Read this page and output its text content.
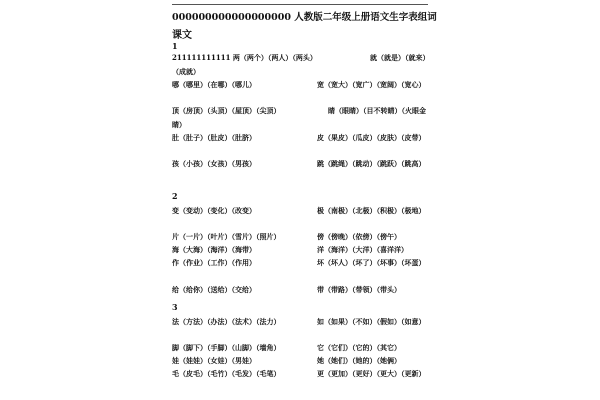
000000000000000000 人教版二年级上册语文生字表组词
课文
1
2
3
211111111111 两（两个）（两人）（两头）	就（就是）（就来）
（成就）
哪（哪里）（在哪）（哪儿）	宽（宽大）（宽广）（宽阔）（宽心）
顶（房顶）（头顶）（屋顶）（尖顶）	睛（眼睛）（目不转睛）（火眼金
睛）
肚（肚子）（肚皮）（肚脐）	皮（果皮）（瓜皮）（皮肤）（皮带）
孩（小孩）（女孩）（男孩）	跳（跳绳）（跳动）（跳跃）（跳高）
变（变动）（变化）（改变）	极（南极）（北极）（积极）（极地）
片（一片）（叶片）（雪片）（照片）	傍（傍晚）（依傍）（傍午）
海（大海）（海洋）（海带）	洋（海洋）（大洋）（喜洋洋）
作（作业）（工作）（作用）	坏（坏人）（坏了）（坏事）（坏蛋）
给（给你）（送给）（交给）	带（带路）（带领）（带头）
法（方法）（办法）（法术）（法力）	如（如果）（不如）（假如）（如意）
脚（脚下）（手脚）（山脚）（墙角）	它（它们）（它的）（其它）
娃（娃娃）（女娃）（男娃）	她（她们）（她的）（她俩）
毛（皮毛）（毛竹）（毛发）（毛笔）	更（更加）（更好）（更大）（更新）
